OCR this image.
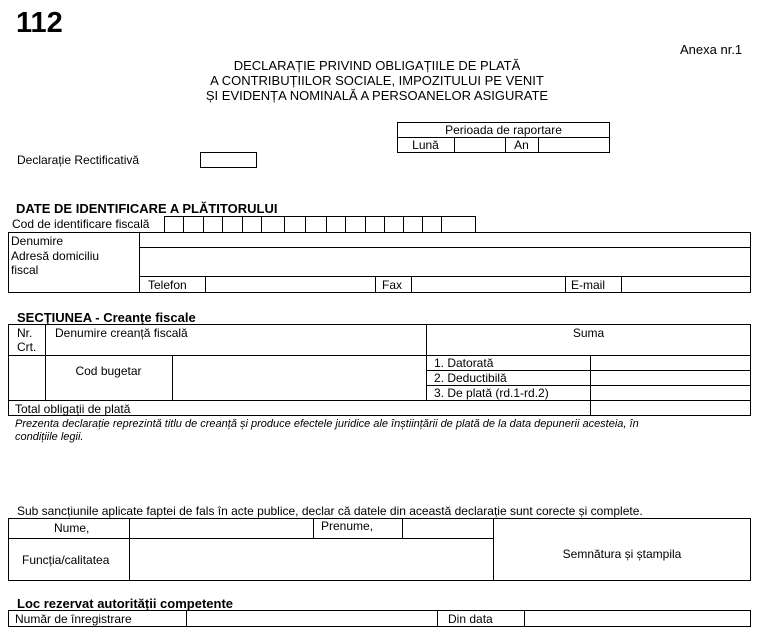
112
Anexa nr.1
DECLARAȚIE PRIVIND OBLIGAȚIILE DE PLATĂ
A CONTRIBUȚIILOR SOCIALE, IMPOZITULUI PE VENIT
ȘI EVIDENȚA NOMINALĂ A PERSOANELOR ASIGURATE
Perioada de raportare
Lună	An
Declarație Rectificativă
DATE DE IDENTIFICARE A PLĂTITORULUI
Cod de identificare fiscală
Denumire
Adresă domiciliu
fiscal
Telefon	Fax	E-mail
SECȚIUNEA - Creanțe fiscale
Nr.
Crt.
Denumire creanță fiscală	Suma
Cod bugetar
1. Datorată
2. Deductibilă
3. De plată (rd.1-rd.2)
Total obligații de plată
Prezenta declarație reprezintă titlu de creanță și produce efectele juridice ale înștiințării de plată de la data depunerii acesteia, în
condițiile legii.
Sub sancțiunile aplicate faptei de fals în acte publice, declar că datele din această declarație sunt corecte și complete.
Nume,	Prenume,
Funcția/calitatea	Semnătura și ștampila
Loc rezervat autorității competente
Număr de înregistrare	Din data
